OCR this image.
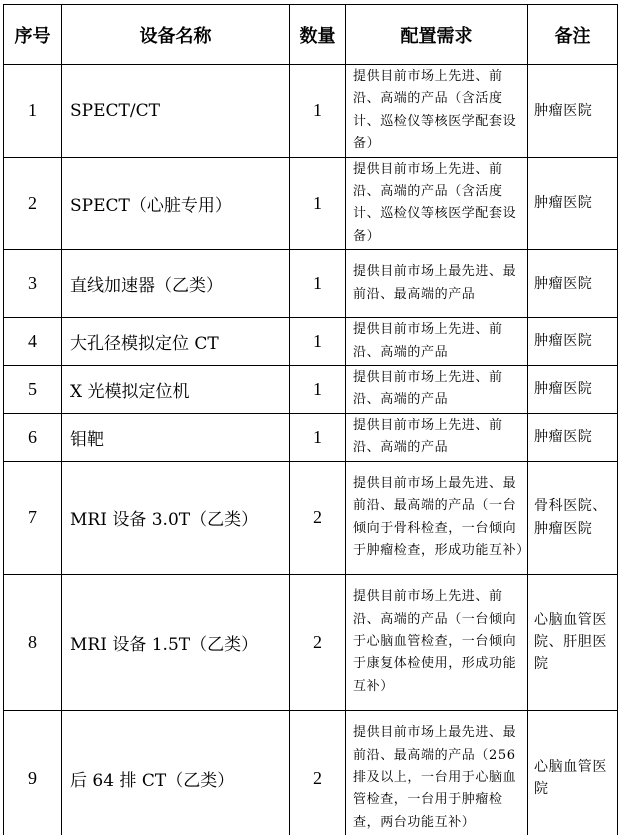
序号	设备名称	数量	配置需求	备注
1	SPECT/CT	1	提供目前市场上先进、前沿、高端的产品（含活度计、巡检仪等核医学配套设备）	肿瘤医院
2	SPECT（心脏专用）	1	提供目前市场上先进、前沿、高端的产品（含活度计、巡检仪等核医学配套设备）	肿瘤医院
3	直线加速器（乙类）	1	提供目前市场上最先进、最前沿、最高端的产品	肿瘤医院
4	大孔径模拟定位 CT	1	提供目前市场上先进、前沿、高端的产品	肿瘤医院
5	X 光模拟定位机	1	提供目前市场上先进、前沿、高端的产品	肿瘤医院
6	钼靶	1	提供目前市场上先进、前沿、高端的产品	肿瘤医院
7	MRI 设备 3.0T（乙类）	2	提供目前市场上最先进、最前沿、最高端的产品（一台倾向于骨科检查，一台倾向于肿瘤检查，形成功能互补）	骨科医院、肿瘤医院
8	MRI 设备 1.5T（乙类）	2	提供目前市场上先进、前沿、高端的产品（一台倾向于心脑血管检查，一台倾向于康复体检使用，形成功能互补）	心脑血管医院、肝胆医院
9	后 64 排 CT（乙类）	2	提供目前市场上最先进、最前沿、最高端的产品（256 排及以上，一台用于心脑血管检查，一台用于肿瘤检查，两台功能互补）	心脑血管医院
